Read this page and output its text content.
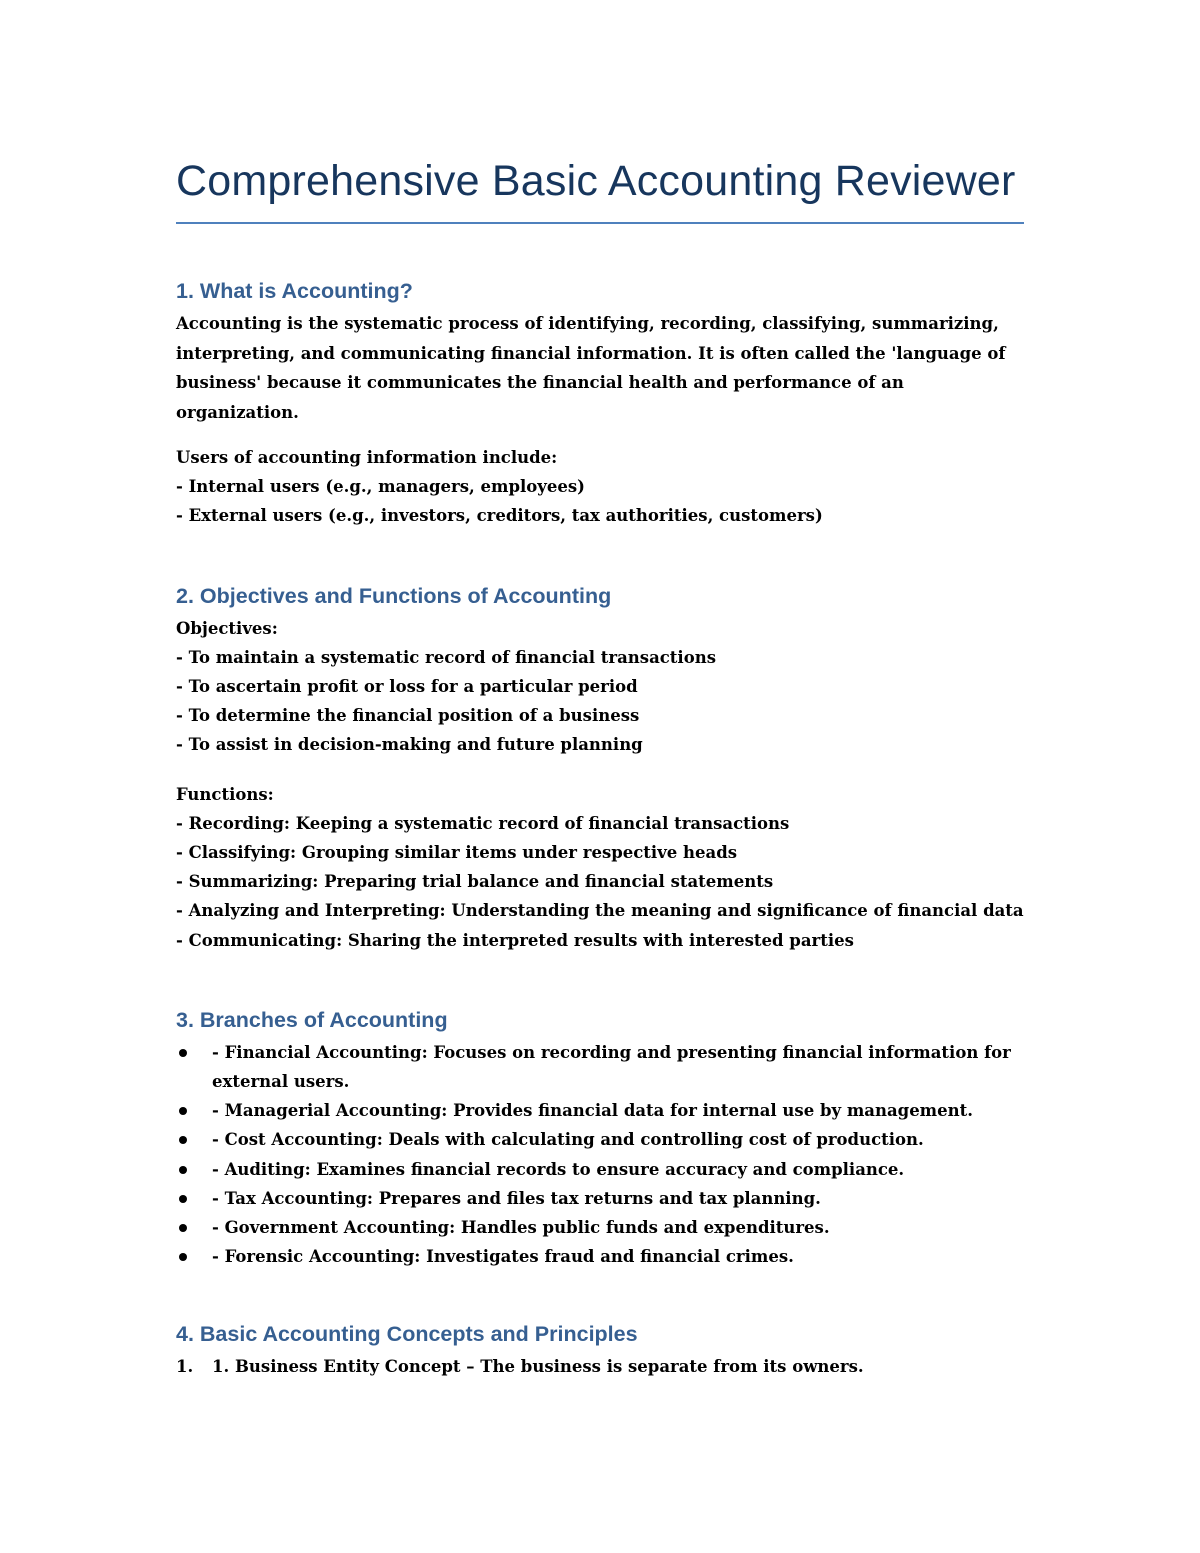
Comprehensive Basic Accounting Reviewer
1. What is Accounting?

Accounting is the systematic process of identifying, recording, classifying, summarizing, interpreting, and communicating financial information. It is often called the 'language of business' because it communicates the financial health and performance of an organization.

Users of accounting information include:

- Internal users (e.g., managers, employees)

- External users (e.g., investors, creditors, tax authorities, customers)

2. Objectives and Functions of Accounting

Objectives:

- To maintain a systematic record of financial transactions

- To ascertain profit or loss for a particular period

- To determine the financial position of a business

- To assist in decision-making and future planning

Functions:

- Recording: Keeping a systematic record of financial transactions

- Classifying: Grouping similar items under respective heads

- Summarizing: Preparing trial balance and financial statements

- Analyzing and Interpreting: Understanding the meaning and significance of financial data

- Communicating: Sharing the interpreted results with interested parties

3. Branches of Accounting
- Financial Accounting: Focuses on recording and presenting financial information for external users.
- Managerial Accounting: Provides financial data for internal use by management.
- Cost Accounting: Deals with calculating and controlling cost of production.
- Auditing: Examines financial records to ensure accuracy and compliance.
- Tax Accounting: Prepares and files tax returns and tax planning.
- Government Accounting: Handles public funds and expenditures.
- Forensic Accounting: Investigates fraud and financial crimes.
4. Basic Accounting Concepts and Principles
1. 1. Business Entity Concept – The business is separate from its owners.
